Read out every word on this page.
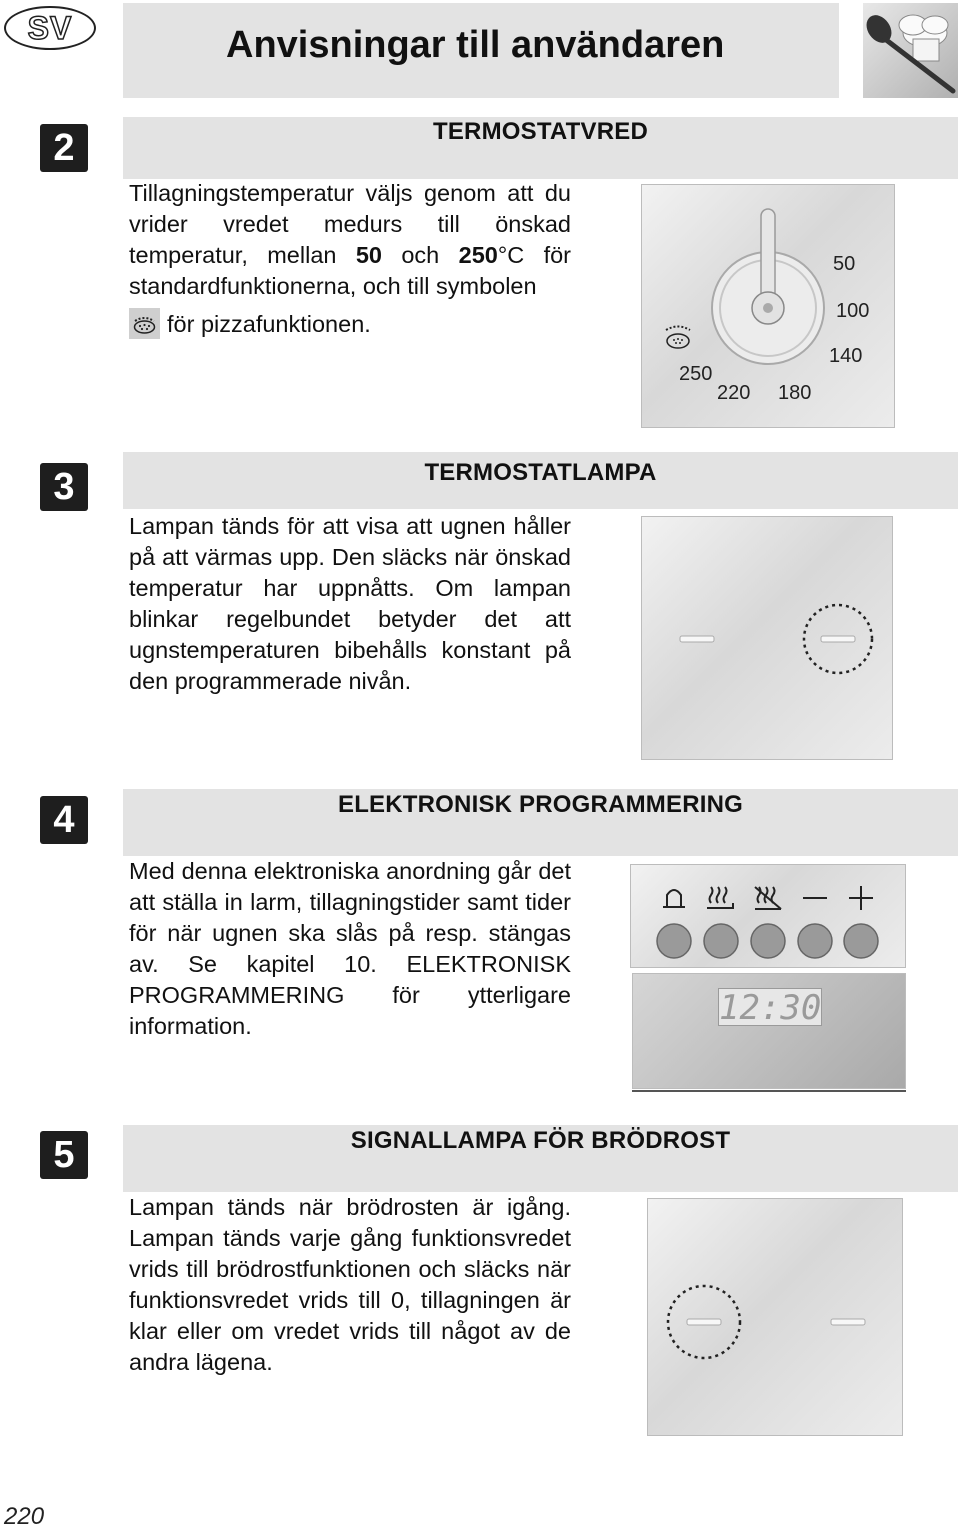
SV	Anvisningar till användaren
2	TERMOSTATVRED
Tillagningstemperatur väljs genom att du vrider vredet medurs till önskad temperatur, mellan 50 och 250°C för standardfunktionerna, och till symbolen
för pizzafunktionen.
50
100
140
180
220
250
3	TERMOSTATLAMPA
Lampan tänds för att visa att ugnen håller på att värmas upp. Den släcks när önskad temperatur har uppnåtts. Om lampan blinkar regelbundet betyder det att ugnstemperaturen bibehålls konstant på den programmerade nivån.
4	ELEKTRONISK PROGRAMMERING
Med denna elektroniska anordning går det att ställa in larm, tillagningstider samt tider för när ugnen ska slås på resp. stängas av. Se kapitel 10. ELEKTRONISK PROGRAMMERING för ytterligare information.	12:30
5	SIGNALLAMPA FÖR BRÖDROST
Lampan tänds när brödrosten är igång. Lampan tänds varje gång funktionsvredet vrids till brödrostfunktionen och släcks när funktionsvredet vrids till 0, tillagningen är klar eller om vredet vrids till något av de andra lägena.
220
